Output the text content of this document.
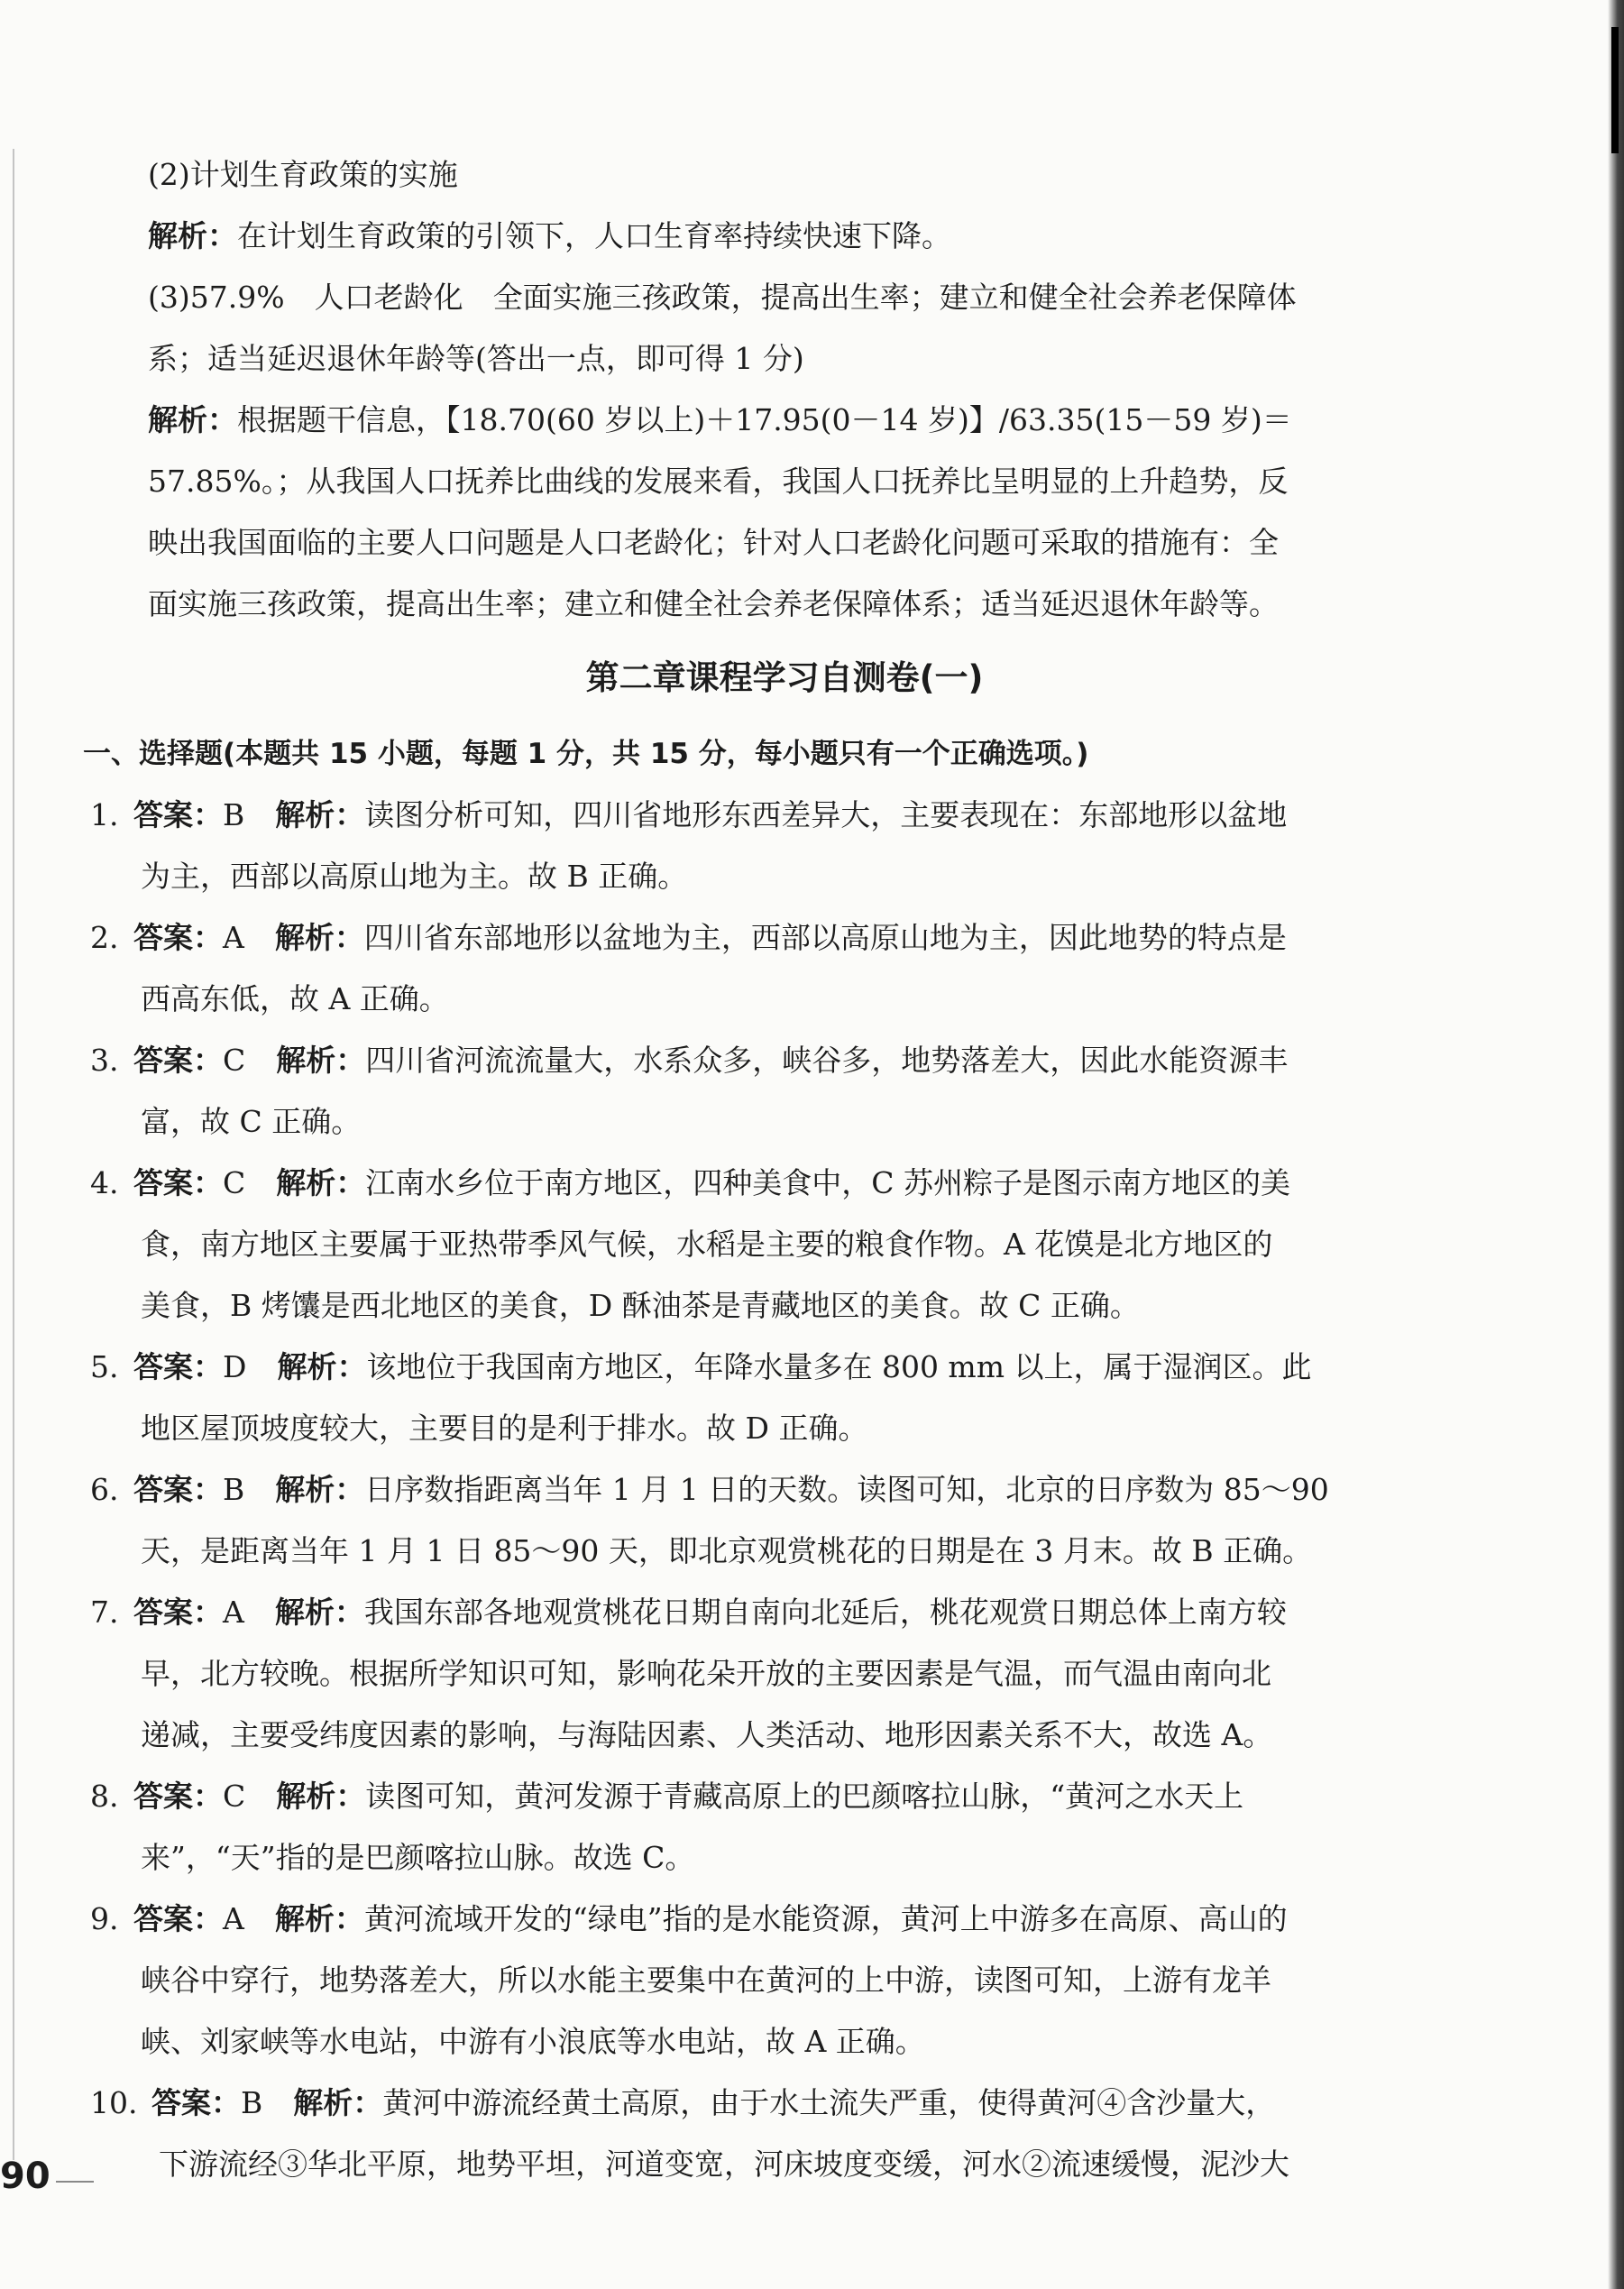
(2)计划生育政策的实施

解析：在计划生育政策的引领下，人口生育率持续快速下降。

(3)57.9%　人口老龄化　全面实施三孩政策，提高出生率；建立和健全社会养老保障体

系；适当延迟退休年龄等(答出一点，即可得 1 分)

解析：根据题干信息，【18.70(60 岁以上)＋17.95(0－14 岁)】/63.35(15－59 岁)＝

57.85%。；从我国人口抚养比曲线的发展来看，我国人口抚养比呈明显的上升趋势，反

映出我国面临的主要人口问题是人口老龄化；针对人口老龄化问题可采取的措施有：全

面实施三孩政策，提高出生率；建立和健全社会养老保障体系；适当延迟退休年龄等。

第二章课程学习自测卷(一)

一、选择题(本题共 15 小题，每题 1 分，共 15 分，每小题只有一个正确选项。)

1. 答案：B 解析：读图分析可知，四川省地形东西差异大，主要表现在：东部地形以盆地
为主，西部以高原山地为主。故 B 正确。
2. 答案：A 解析：四川省东部地形以盆地为主，西部以高原山地为主，因此地势的特点是
西高东低，故 A 正确。
3. 答案：C 解析：四川省河流流量大，水系众多，峡谷多，地势落差大，因此水能资源丰
富，故 C 正确。
4. 答案：C 解析：江南水乡位于南方地区，四种美食中，C 苏州粽子是图示南方地区的美
食，南方地区主要属于亚热带季风气候，水稻是主要的粮食作物。A 花馍是北方地区的
美食，B 烤馕是西北地区的美食，D 酥油茶是青藏地区的美食。故 C 正确。
5. 答案：D 解析：该地位于我国南方地区，年降水量多在 800 mm 以上，属于湿润区。此
地区屋顶坡度较大，主要目的是利于排水。故 D 正确。
6. 答案：B 解析：日序数指距离当年 1 月 1 日的天数。读图可知，北京的日序数为 85～90
天，是距离当年 1 月 1 日 85～90 天，即北京观赏桃花的日期是在 3 月末。故 B 正确。
7. 答案：A 解析：我国东部各地观赏桃花日期自南向北延后，桃花观赏日期总体上南方较
早，北方较晚。根据所学知识可知，影响花朵开放的主要因素是气温，而气温由南向北
递减，主要受纬度因素的影响，与海陆因素、人类活动、地形因素关系不大，故选 A。
8. 答案：C 解析：读图可知，黄河发源于青藏高原上的巴颜喀拉山脉，“黄河之水天上
来”，“天”指的是巴颜喀拉山脉。故选 C。
9. 答案：A 解析：黄河流域开发的“绿电”指的是水能资源，黄河上中游多在高原、高山的
峡谷中穿行，地势落差大，所以水能主要集中在黄河的上中游，读图可知，上游有龙羊
峡、刘家峡等水电站，中游有小浪底等水电站，故 A 正确。
10. 答案：B 解析：黄河中游流经黄土高原，由于水土流失严重，使得黄河④含沙量大，
下游流经③华北平原，地势平坦，河道变宽，河床坡度变缓，河水②流速缓慢，泥沙大
90
